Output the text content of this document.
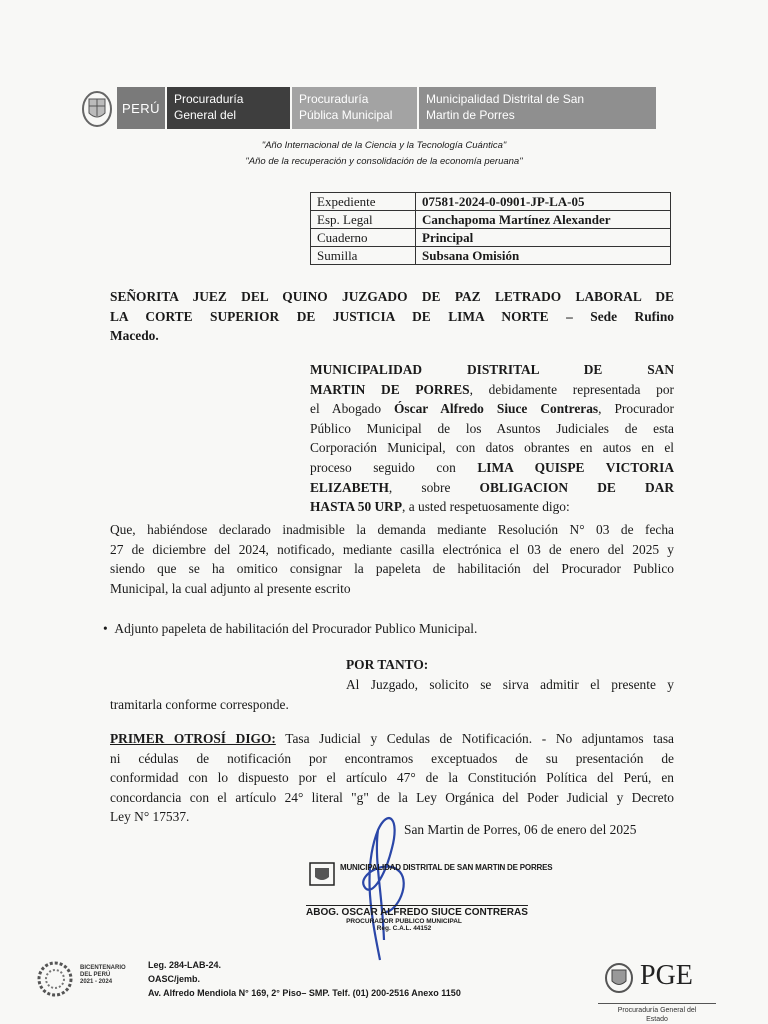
PERÚ
Procuraduría
General del
Procuraduría
Pública Municipal
Municipalidad Distrital de San
Martin de Porres
"Año Internacional de la Ciencia y la Tecnología Cuántica"
"Año de la recuperación y consolidación de la economía peruana"
Expediente	07581-2024-0-0901-JP-LA-05
Esp. Legal	Canchapoma Martínez Alexander
Cuaderno	Principal
Sumilla	Subsana Omisión
SEÑORITA JUEZ DEL QUINO JUZGADO DE PAZ LETRADO LABORAL DE
LA CORTE SUPERIOR DE JUSTICIA DE LIMA NORTE – Sede Rufino
Macedo.
MUNICIPALIDAD DISTRITAL DE SAN
MARTIN DE PORRES, debidamente representada por
el Abogado Óscar Alfredo Siuce Contreras, Procurador
Público Municipal de los Asuntos Judiciales de esta
Corporación Municipal, con datos obrantes en autos en el
proceso seguido con LIMA QUISPE VICTORIA
ELIZABETH, sobre OBLIGACION DE DAR
HASTA 50 URP, a usted respetuosamente digo:
Que, habiéndose declarado inadmisible la demanda mediante Resolución N° 03 de fecha
27 de diciembre del 2024, notificado, mediante casilla electrónica el 03 de enero del 2025 y
siendo que se ha omitico consignar la papeleta de habilitación del Procurador Publico
Municipal, la cual adjunto al presente escrito
• Adjunto papeleta de habilitación del Procurador Publico Municipal.
POR TANTO:
Al Juzgado, solicito se sirva admitir el presente y
tramitarla conforme corresponde.
PRIMER OTROSÍ DIGO: Tasa Judicial y Cedulas de Notificación. - No adjuntamos tasa
ni cédulas de notificación por encontramos exceptuados de su presentación de
conformidad con lo dispuesto por el artículo 47° de la Constitución Política del Perú, en
concordancia con el artículo 24° literal "g" de la Ley Orgánica del Poder Judicial y Decreto
Ley N° 17537.
San Martin de Porres, 06 de enero del 2025
MUNICIPALIDAD DISTRITAL DE SAN MARTIN DE PORRES
ABOG. OSCAR ALFREDO SIUCE CONTRERAS
PROCURADOR PUBLICO MUNICIPAL
Reg. C.A.L. 44152
BICENTENARIO
DEL PERÚ
2021 - 2024
Leg. 284-LAB-24.
OASC/jemb.
Av. Alfredo Mendiola N° 169, 2° Piso– SMP. Telf. (01) 200-2516 Anexo 1150
PGE
Procuraduría General del
Estado
